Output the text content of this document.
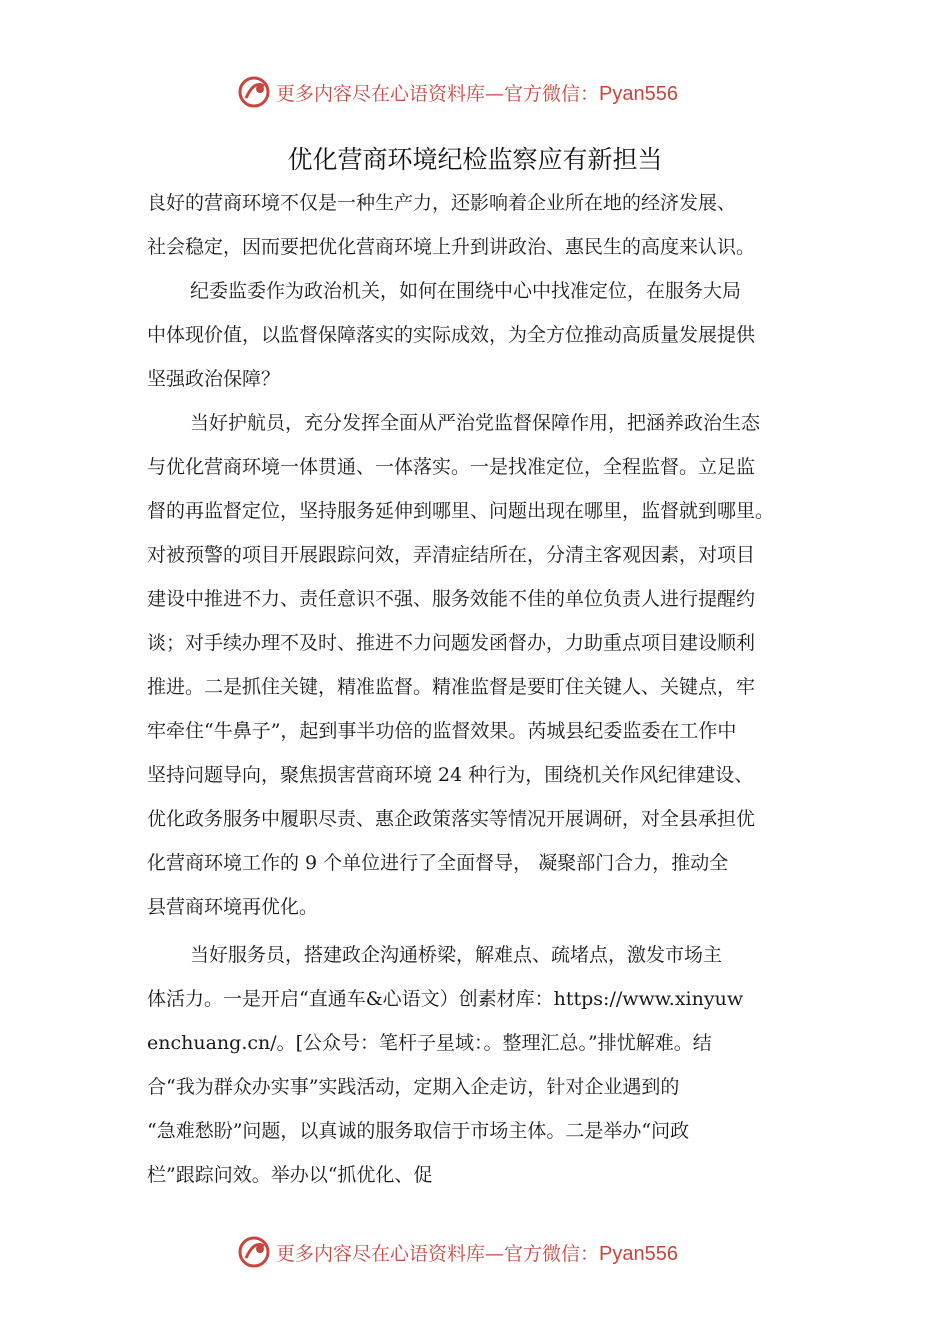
更多内容尽在心语资料库—官方微信：Pyan556
优化营商环境纪检监察应有新担当
良好的营商环境不仅是一种生产力，还影响着企业所在地的经济发展、
社会稳定，因而要把优化营商环境上升到讲政治、惠民生的高度来认识。
纪委监委作为政治机关，如何在围绕中心中找准定位，在服务大局
中体现价值，以监督保障落实的实际成效，为全方位推动高质量发展提供
坚强政治保障？
当好护航员，充分发挥全面从严治党监督保障作用，把涵养政治生态
与优化营商环境一体贯通、一体落实。一是找准定位，全程监督。立足监
督的再监督定位，坚持服务延伸到哪里、问题出现在哪里，监督就到哪里。
对被预警的项目开展跟踪问效，弄清症结所在，分清主客观因素，对项目
建设中推进不力、责任意识不强、服务效能不佳的单位负责人进行提醒约
谈；对手续办理不及时、推进不力问题发函督办，力助重点项目建设顺利
推进。二是抓住关键，精准监督。精准监督是要盯住关键人、关键点，牢
牢牵住“牛鼻子”，起到事半功倍的监督效果。芮城县纪委监委在工作中
坚持问题导向，聚焦损害营商环境 24 种行为，围绕机关作风纪律建设、
优化政务服务中履职尽责、惠企政策落实等情况开展调研，对全县承担优
化营商环境工作的 9 个单位进行了全面督导， 凝聚部门合力，推动全
县营商环境再优化。
当好服务员，搭建政企沟通桥梁，解难点、疏堵点，激发市场主
体活力。一是开启“直通车&心语文）创素材库：https://www.xinyuw
enchuang.cn/。[公众号：笔杆子星域：。整理汇总。”排忧解难。结
合“我为群众办实事”实践活动，定期入企走访，针对企业遇到的
“急难愁盼”问题，以真诚的服务取信于市场主体。二是举办“问政
栏”跟踪问效。举办以“抓优化、促
更多内容尽在心语资料库—官方微信：Pyan556
